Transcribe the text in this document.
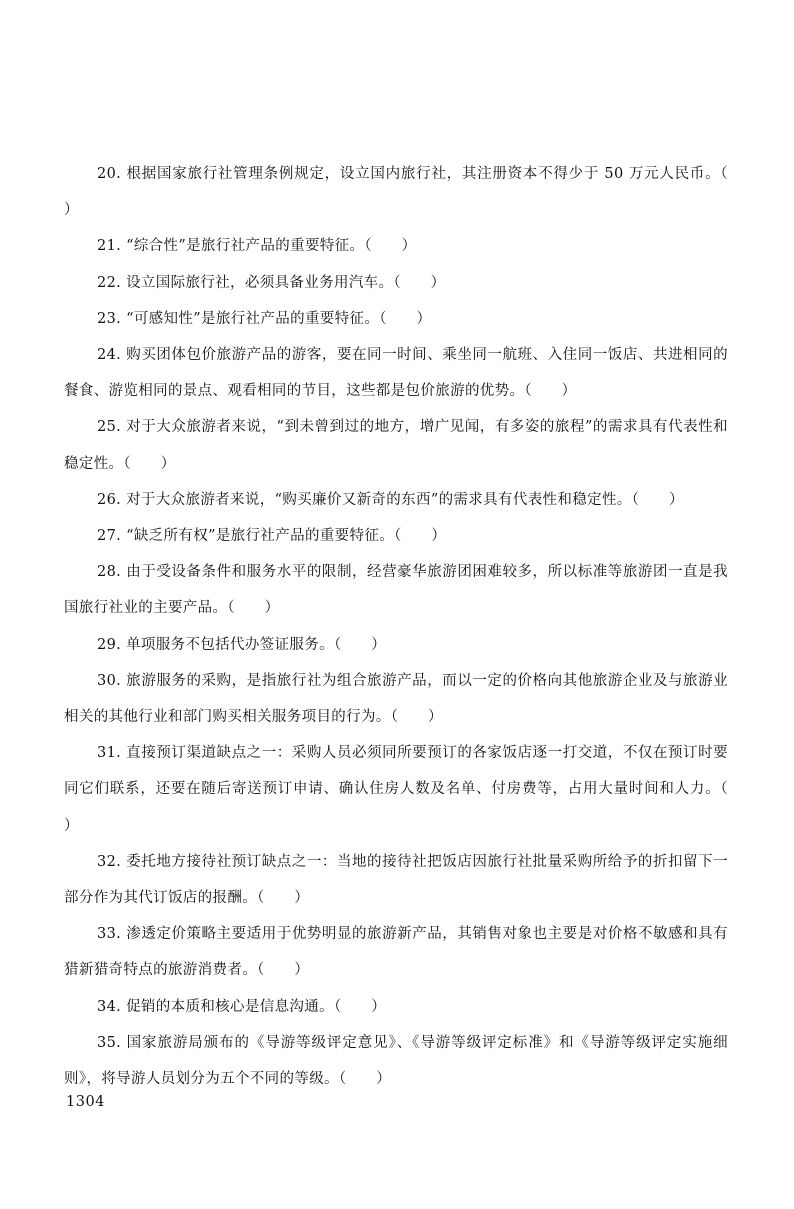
20. 根据国家旅行社管理条例规定，设立国内旅行社，其注册资本不得少于 50 万元人民币。（　　）

21. “综合性”是旅行社产品的重要特征。（　　）

22. 设立国际旅行社，必须具备业务用汽车。（　　）

23. “可感知性”是旅行社产品的重要特征。（　　）

24. 购买团体包价旅游产品的游客，要在同一时间、乘坐同一航班、入住同一饭店、共进相同的餐食、游览相同的景点、观看相同的节目，这些都是包价旅游的优势。（　　）

25. 对于大众旅游者来说，“到未曾到过的地方，增广见闻，有多姿的旅程”的需求具有代表性和稳定性。（　　）

26. 对于大众旅游者来说，“购买廉价又新奇的东西”的需求具有代表性和稳定性。（　　）

27. “缺乏所有权”是旅行社产品的重要特征。（　　）

28. 由于受设备条件和服务水平的限制，经营豪华旅游团困难较多，所以标准等旅游团一直是我国旅行社业的主要产品。（　　）

29. 单项服务不包括代办签证服务。（　　）

30. 旅游服务的采购，是指旅行社为组合旅游产品，而以一定的价格向其他旅游企业及与旅游业相关的其他行业和部门购买相关服务项目的行为。（　　）

31. 直接预订渠道缺点之一：采购人员必须同所要预订的各家饭店逐一打交道，不仅在预订时要同它们联系，还要在随后寄送预订申请、确认住房人数及名单、付房费等，占用大量时间和人力。（　　）

32. 委托地方接待社预订缺点之一：当地的接待社把饭店因旅行社批量采购所给予的折扣留下一部分作为其代订饭店的报酬。（　　）

33. 渗透定价策略主要适用于优势明显的旅游新产品，其销售对象也主要是对价格不敏感和具有猎新猎奇特点的旅游消费者。（　　）

34. 促销的本质和核心是信息沟通。（　　）

35. 国家旅游局颁布的《导游等级评定意见》、《导游等级评定标准》和《导游等级评定实施细则》，将导游人员划分为五个不同的等级。（　　）

1304
